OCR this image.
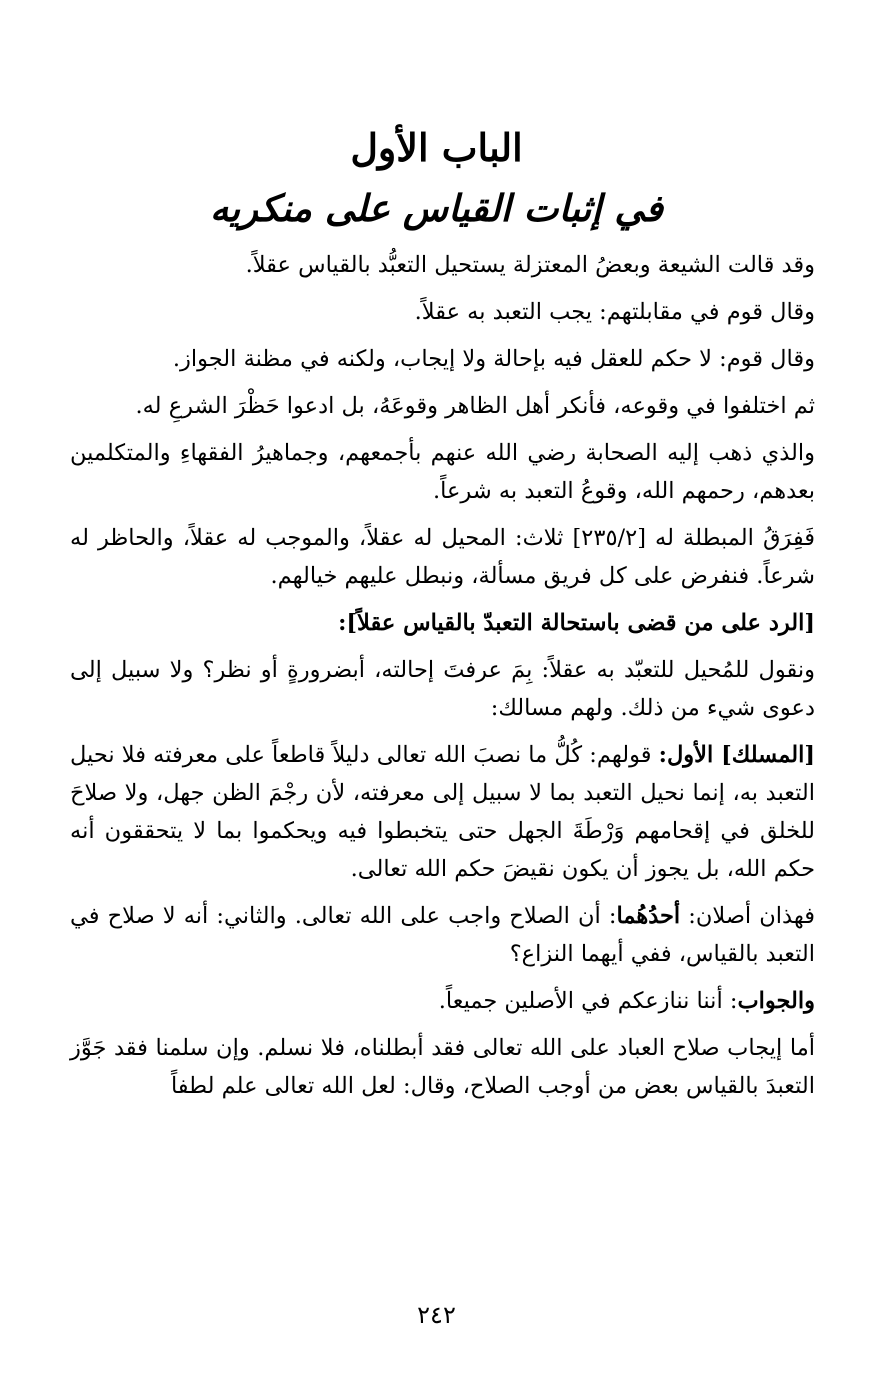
الباب الأول
في إثبات القياس على منكريه

وقد قالت الشيعة وبعضُ المعتزلة يستحيل التعبُّد بالقياس عقلاً.

وقال قوم في مقابلتهم: يجب التعبد به عقلاً.

وقال قوم: لا حكم للعقل فيه بإحالة ولا إيجاب، ولكنه في مظنة الجواز.

ثم اختلفوا في وقوعه، فأنكر أهل الظاهر وقوعَهُ، بل ادعوا حَظْرَ الشرعِ له.

والذي ذهب إليه الصحابة رضي الله عنهم بأجمعهم، وجماهيرُ الفقهاءِ والمتكلمين بعدهم، رحمهم الله، وقوعُ التعبد به شرعاً.

فَفِرَقُ المبطلة له [٢٣٥/٢] ثلاث: المحيل له عقلاً، والموجب له عقلاً، والحاظر له شرعاً. فنفرض على كل فريق مسألة، ونبطل عليهم خيالهم.

[الرد على من قضى باستحالة التعبدّ بالقياس عقلاً]:

ونقول للمُحيل للتعبّد به عقلاً: بِمَ عرفتَ إحالته، أبضرورةٍ أو نظر؟ ولا سبيل إلى دعوى شيء من ذلك. ولهم مسالك:

[المسلك] الأول: قولهم: كُلُّ ما نصبَ الله تعالى دليلاً قاطعاً على معرفته فلا نحيل التعبد به، إنما نحيل التعبد بما لا سبيل إلى معرفته، لأن رجْمَ الظن جهل، ولا صلاحَ للخلق في إقحامهم وَرْطَةَ الجهل حتى يتخبطوا فيه ويحكموا بما لا يتحققون أنه حكم الله، بل يجوز أن يكون نقيضَ حكم الله تعالى.

فهذان أصلان: أحدُهُما: أن الصلاح واجب على الله تعالى. والثاني: أنه لا صلاح في التعبد بالقياس، ففي أيهما النزاع؟

والجواب: أننا ننازعكم في الأصلين جميعاً.

أما إيجاب صلاح العباد على الله تعالى فقد أبطلناه، فلا نسلم. وإن سلمنا فقد جَوَّز التعبدَ بالقياس بعض من أوجب الصلاح، وقال: لعل الله تعالى علم لطفاً

٢٤٢
